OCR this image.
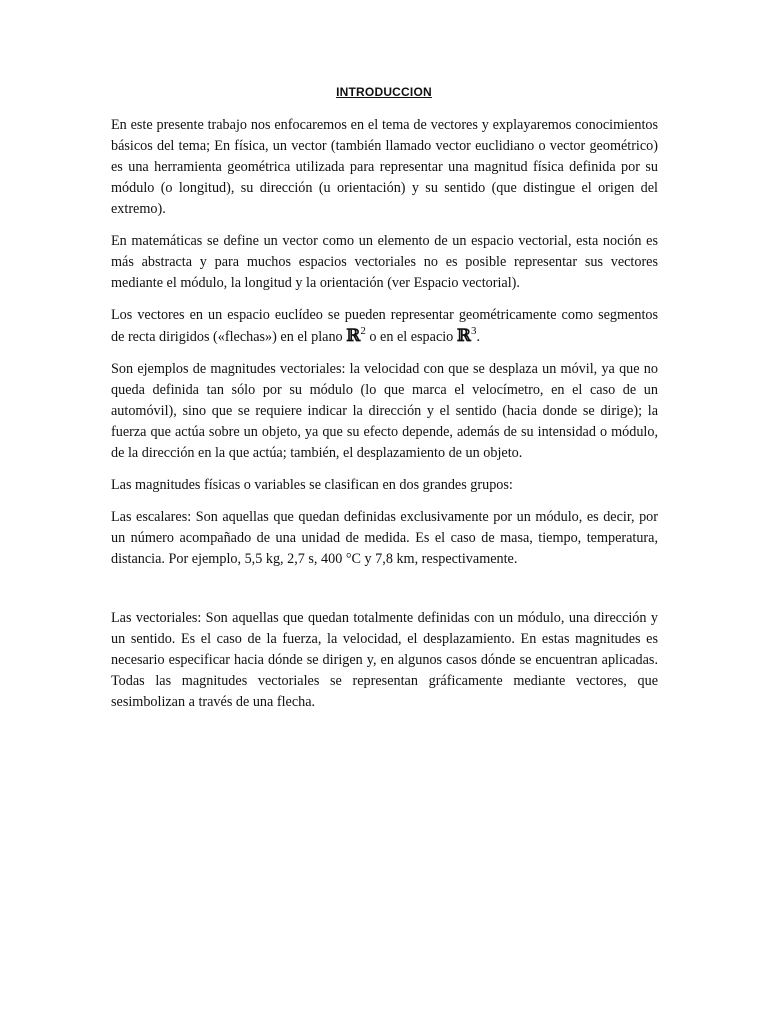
INTRODUCCION

En este presente trabajo nos enfocaremos en el tema de vectores y explayaremos conocimientos básicos del tema; En física, un vector (también llamado vector euclidiano o vector geométrico) es una herramienta geométrica utilizada para representar una magnitud física definida por su módulo (o longitud), su dirección (u orientación) y su sentido (que distingue el origen del extremo).

En matemáticas se define un vector como un elemento de un espacio vectorial, esta noción es más abstracta y para muchos espacios vectoriales no es posible representar sus vectores mediante el módulo, la longitud y la orientación (ver Espacio vectorial).

Los vectores en un espacio euclídeo se pueden representar geométricamente como segmentos de recta dirigidos («flechas») en el plano ℝ$^2$ o en el espacio ℝ$^3$.

Son ejemplos de magnitudes vectoriales: la velocidad con que se desplaza un móvil, ya que no queda definida tan sólo por su módulo (lo que marca el velocímetro, en el caso de un automóvil), sino que se requiere indicar la dirección y el sentido (hacia donde se dirige); la fuerza que actúa sobre un objeto, ya que su efecto depende, además de su intensidad o módulo, de la dirección en la que actúa; también, el desplazamiento de un objeto.

Las magnitudes físicas o variables se clasifican en dos grandes grupos:

Las escalares: Son aquellas que quedan definidas exclusivamente por un módulo, es decir, por un número acompañado de una unidad de medida. Es el caso de masa, tiempo, temperatura, distancia. Por ejemplo, 5,5 kg, 2,7 s, 400 °C y 7,8 km, respectivamente.

Las vectoriales: Son aquellas que quedan totalmente definidas con un módulo, una dirección y un sentido. Es el caso de la fuerza, la velocidad, el desplazamiento. En estas magnitudes es necesario especificar hacia dónde se dirigen y, en algunos casos dónde se encuentran aplicadas. Todas las magnitudes vectoriales se representan gráficamente mediante vectores, que sesimbolizan a través de una flecha.
